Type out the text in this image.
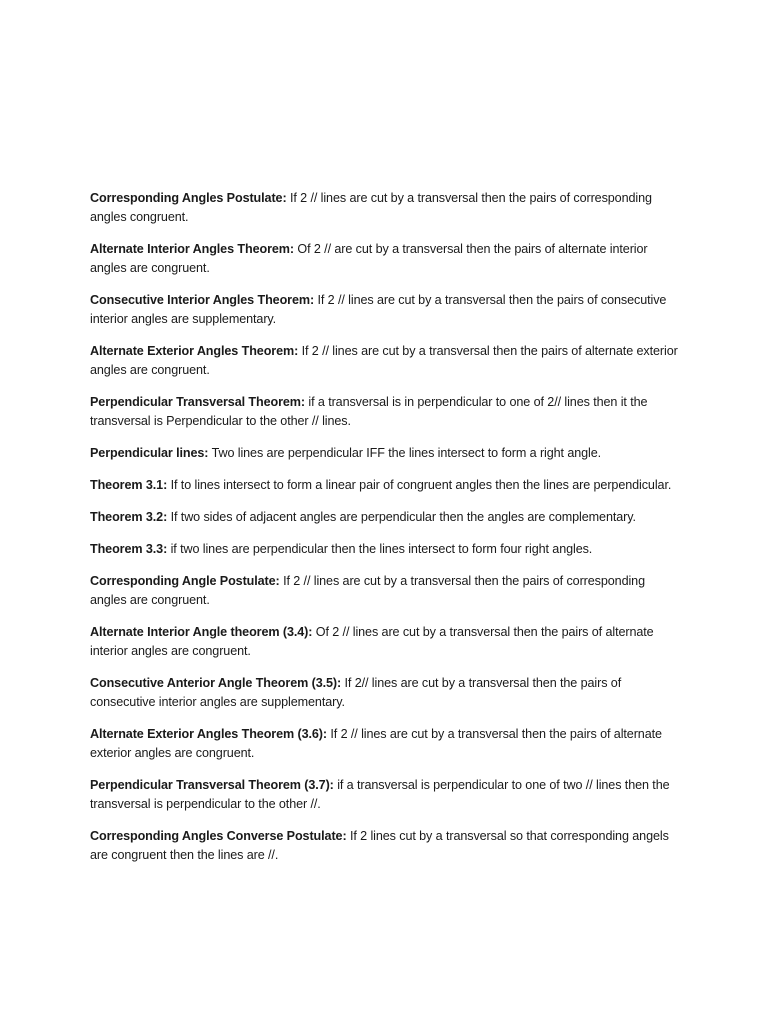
Corresponding Angles Postulate: If 2 // lines are cut by a transversal then the pairs of corresponding angles congruent.

Alternate Interior Angles Theorem: Of 2 // are cut by a transversal then the pairs of alternate interior angles are congruent.

Consecutive Interior Angles Theorem: If 2 // lines are cut by a transversal then the pairs of consecutive interior angles are supplementary.

Alternate Exterior Angles Theorem: If 2 // lines are cut by a transversal then the pairs of alternate exterior angles are congruent.

Perpendicular Transversal Theorem: if a transversal is in perpendicular to one of 2// lines then it the transversal is Perpendicular to the other // lines.

Perpendicular lines: Two lines are perpendicular IFF the lines intersect to form a right angle.

Theorem 3.1: If to lines intersect to form a linear pair of congruent angles then the lines are perpendicular.

Theorem 3.2: If two sides of adjacent angles are perpendicular then the angles are complementary.

Theorem 3.3: if two lines are perpendicular then the lines intersect to form four right angles.

Corresponding Angle Postulate: If 2 // lines are cut by a transversal then the pairs of corresponding angles are congruent.

Alternate Interior Angle theorem (3.4): Of 2 // lines are cut by a transversal then the pairs of alternate interior angles are congruent.

Consecutive Anterior Angle Theorem (3.5): If 2// lines are cut by a transversal then the pairs of consecutive interior angles are supplementary.

Alternate Exterior Angles Theorem (3.6): If 2 // lines are cut by a transversal then the pairs of alternate exterior angles are congruent.

Perpendicular Transversal Theorem (3.7): if a transversal is perpendicular to one of two // lines then the transversal is perpendicular to the other //.

Corresponding Angles Converse Postulate: If 2 lines cut by a transversal so that corresponding angels are congruent then the lines are //.
